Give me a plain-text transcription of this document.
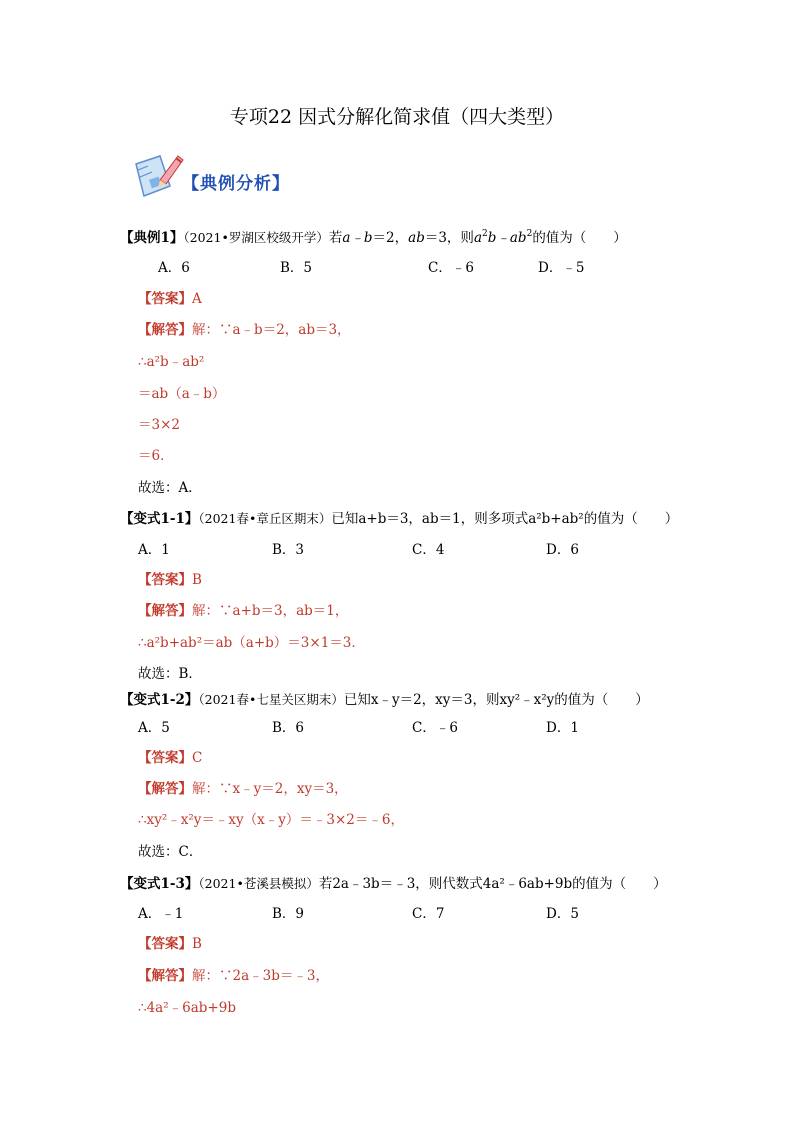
专项22 因式分解化简求值（四大类型）
【典例分析】
【典例1】（2021•罗湖区校级开学）若a﹣b＝2，ab＝3，则$a^2b﹣ab^2$的值为（　　）
A．6	B．5	C．﹣6	D．﹣5
【答案】A
【解答】解：∵a﹣b＝2，ab＝3，
∴a²b﹣ab²
＝ab（a﹣b）
＝3×2
＝6．
故选：A．
【变式1-1】（2021春•章丘区期末）已知a+b＝3，ab＝1，则多项式a²b+ab²的值为（　　）
A．1	B．3	C．4	D．6
【答案】B
【解答】解：∵a+b＝3，ab＝1，
∴a²b+ab²＝ab（a+b）＝3×1＝3．
故选：B．
【变式1-2】（2021春•七星关区期末）已知x﹣y＝2，xy＝3，则xy²﹣x²y的值为（　　）
A．5	B．6	C．﹣6	D．1
【答案】C
【解答】解：∵x﹣y＝2，xy＝3，
∴xy²﹣x²y＝﹣xy（x﹣y）＝﹣3×2＝﹣6，
故选：C．
【变式1-3】（2021•苍溪县模拟）若2a﹣3b＝﹣3，则代数式4a²﹣6ab+9b的值为（　　）
A．﹣1	B．9	C．7	D．5
【答案】B
【解答】解：∵2a﹣3b＝﹣3，
∴4a²﹣6ab+9b
